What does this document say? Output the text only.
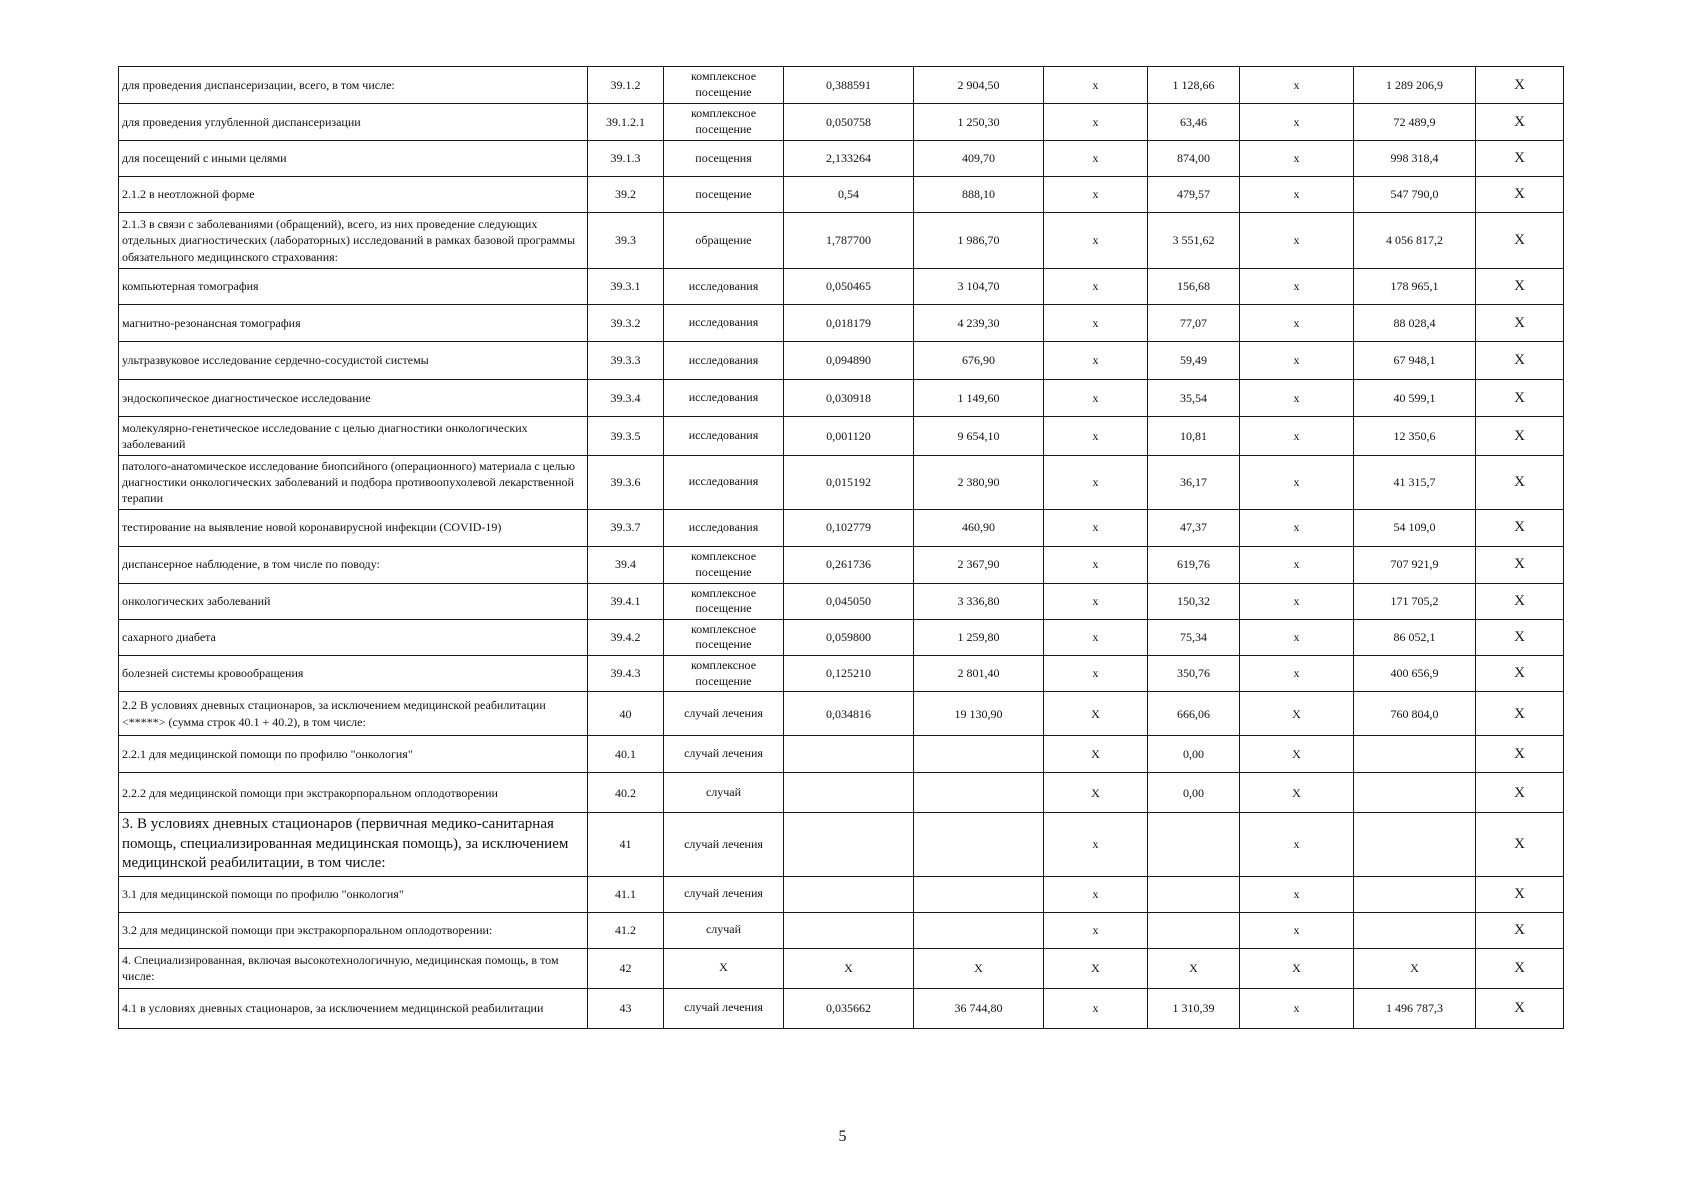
для проведения диспансеризации, всего, в том числе:	39.1.2	комплексное посещение	0,388591	2 904,50	х	1 128,66	х	1 289 206,9	X
для проведения углубленной диспансеризации	39.1.2.1	комплексное посещение	0,050758	1 250,30	х	63,46	х	72 489,9	X
для посещений с иными целями	39.1.3	посещения	2,133264	409,70	х	874,00	х	998 318,4	X
2.1.2 в неотложной форме	39.2	посещение	0,54	888,10	х	479,57	х	547 790,0	X
2.1.3 в связи с заболеваниями (обращений), всего, из них проведение следующих отдельных диагностических (лабораторных) исследований в рамках базовой программы обязательного медицинского страхования:	39.3	обращение	1,787700	1 986,70	х	3 551,62	х	4 056 817,2	X
компьютерная томография	39.3.1	исследования	0,050465	3 104,70	х	156,68	х	178 965,1	X
магнитно-резонансная томография	39.3.2	исследования	0,018179	4 239,30	х	77,07	х	88 028,4	X
ультразвуковое исследование сердечно-сосудистой системы	39.3.3	исследования	0,094890	676,90	х	59,49	х	67 948,1	X
эндоскопическое диагностическое исследование	39.3.4	исследования	0,030918	1 149,60	х	35,54	х	40 599,1	X
молекулярно-генетическое исследование с целью диагностики онкологических заболеваний	39.3.5	исследования	0,001120	9 654,10	х	10,81	х	12 350,6	X
патолого-анатомическое исследование биопсийного (операционного) материала с целью диагностики онкологических заболеваний и подбора противоопухолевой лекарственной терапии	39.3.6	исследования	0,015192	2 380,90	х	36,17	х	41 315,7	X
тестирование на выявление новой коронавирусной инфекции (COVID-19)	39.3.7	исследования	0,102779	460,90	х	47,37	х	54 109,0	X
диспансерное наблюдение, в том числе по поводу:	39.4	комплексное посещение	0,261736	2 367,90	х	619,76	х	707 921,9	X
онкологических заболеваний	39.4.1	комплексное посещение	0,045050	3 336,80	х	150,32	х	171 705,2	X
сахарного диабета	39.4.2	комплексное посещение	0,059800	1 259,80	х	75,34	х	86 052,1	X
болезней системы кровообращения	39.4.3	комплексное посещение	0,125210	2 801,40	х	350,76	х	400 656,9	X
2.2 В условиях дневных стационаров, за исключением медицинской реабилитации <*****> (сумма строк 40.1 + 40.2), в том числе:	40	случай лечения	0,034816	19 130,90	X	666,06	X	760 804,0	X
2.2.1 для медицинской помощи по профилю "онкология"	40.1	случай лечения			X	0,00	X		X
2.2.2 для медицинской помощи при экстракорпоральном оплодотворении	40.2	случай			X	0,00	X		X
3. В условиях дневных стационаров (первичная медико-санитарная помощь, специализированная медицинская помощь), за исключением медицинской реабилитации, в том числе:	41	случай лечения			х		х		X
3.1 для медицинской помощи по профилю "онкология"	41.1	случай лечения			х		х		X
3.2 для медицинской помощи при экстракорпоральном оплодотворении:	41.2	случай			х		х		X
4. Специализированная, включая высокотехнологичную, медицинская помощь, в том числе:	42	X	X	X	X	X	X	X	X
4.1 в условиях дневных стационаров, за исключением медицинской реабилитации	43	случай лечения	0,035662	36 744,80	х	1 310,39	х	1 496 787,3	X
5
